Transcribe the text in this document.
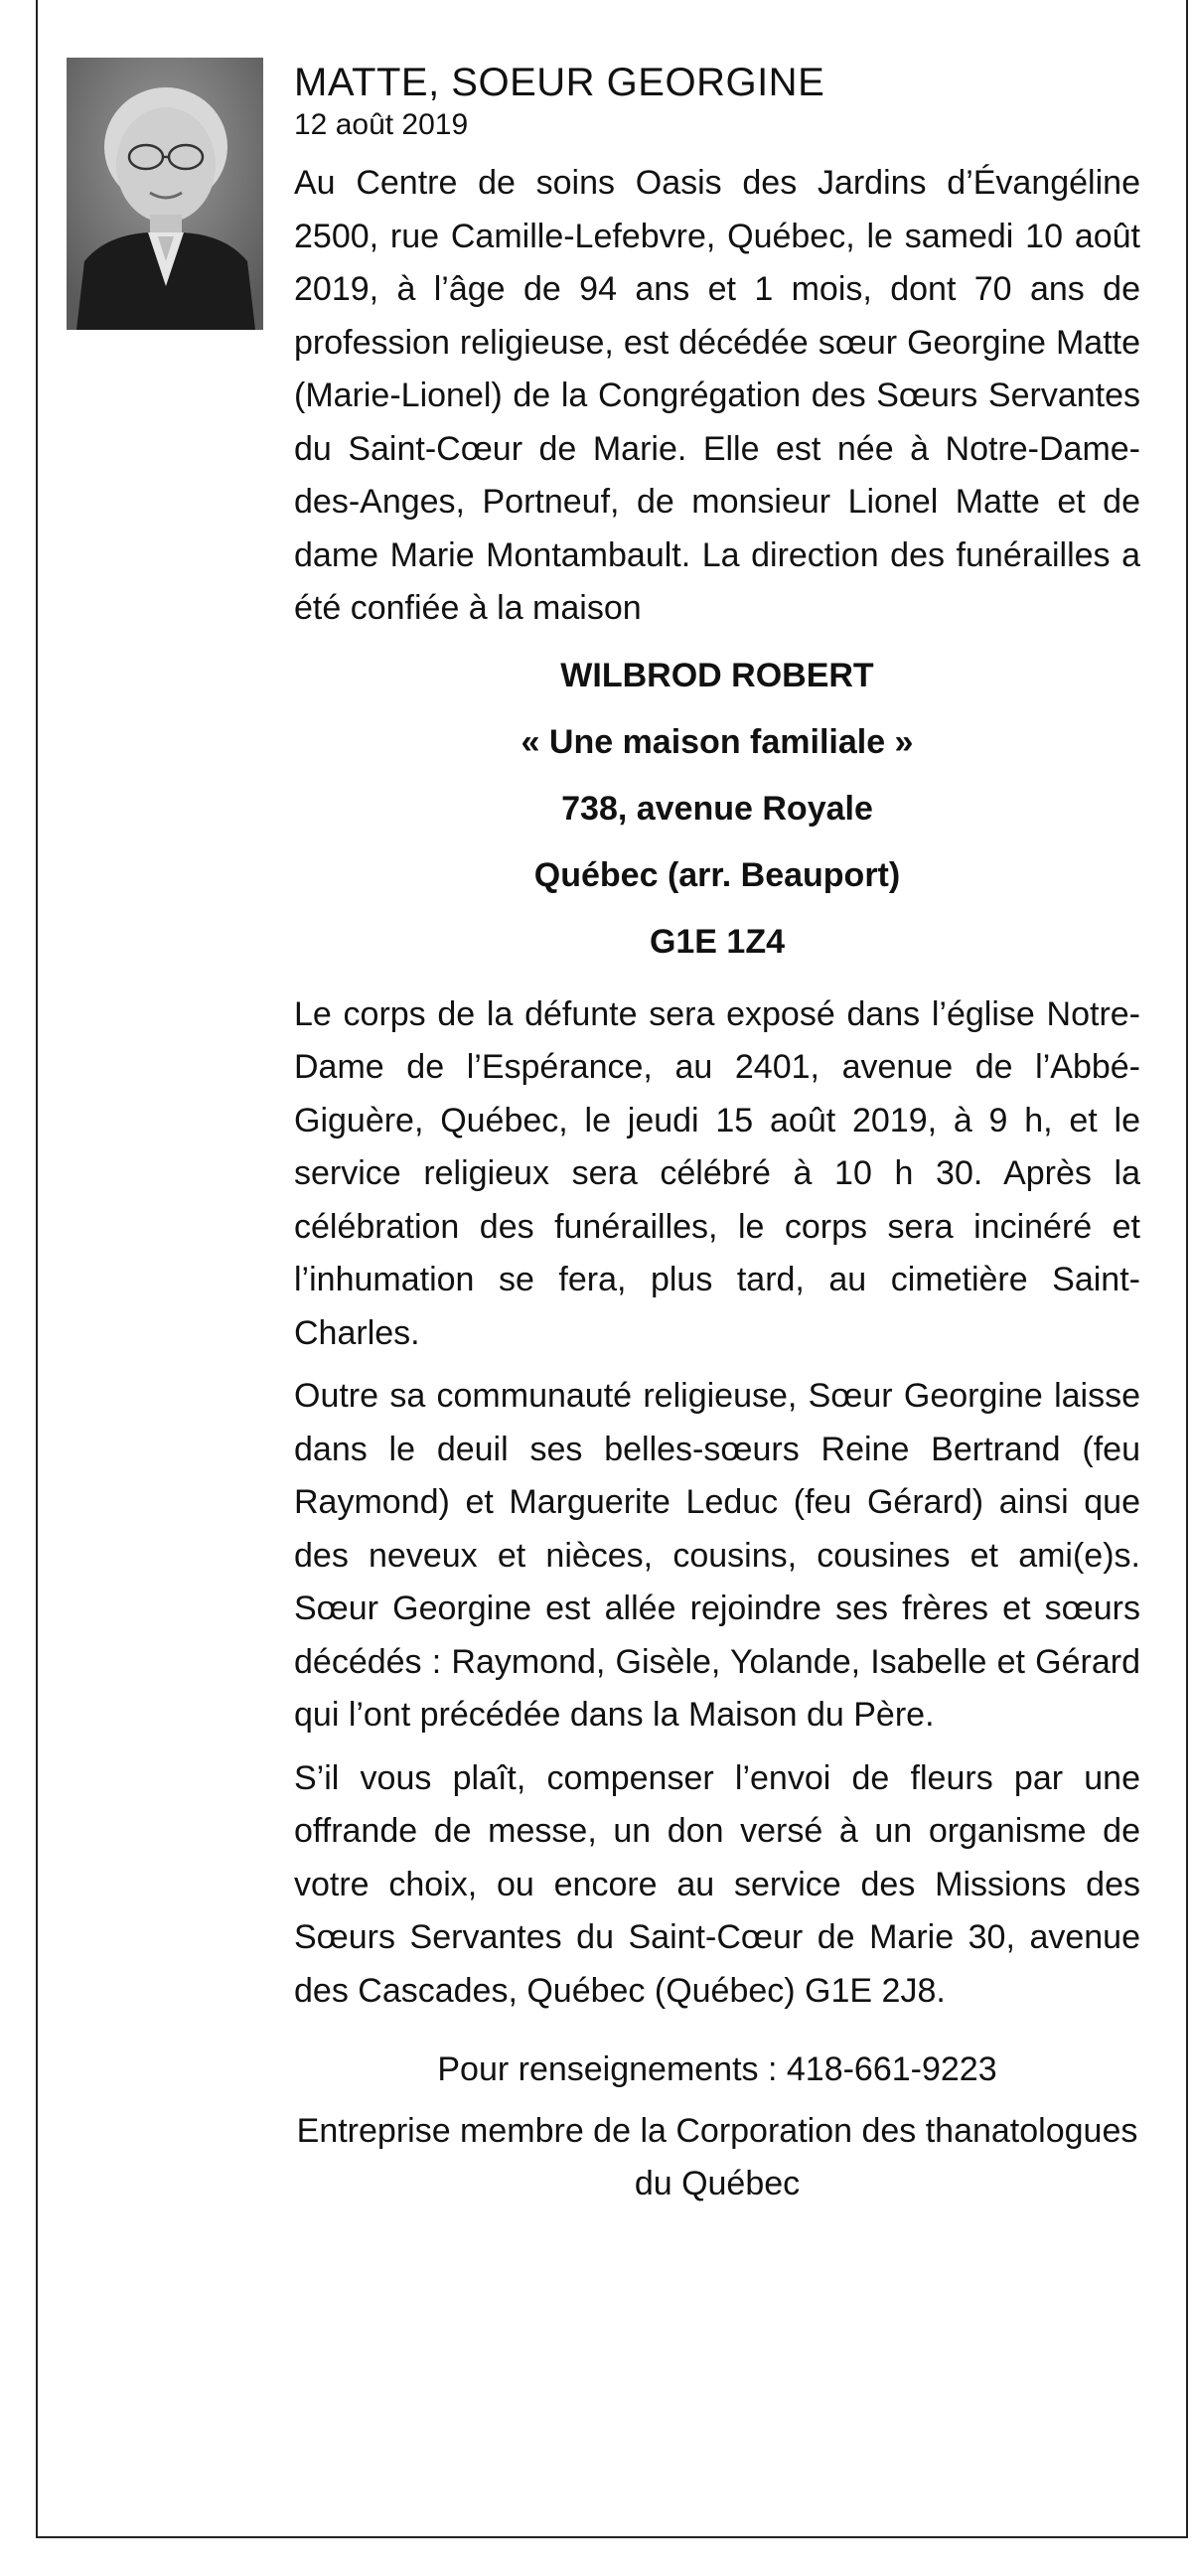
MATTE, SOEUR GEORGINE
12 août 2019

Au Centre de soins Oasis des Jardins d’Évangéline 2500, rue Camille-Lefebvre, Québec, le samedi 10 août 2019, à l’âge de 94 ans et 1 mois, dont 70 ans de profession religieuse, est décédée sœur Georgine Matte (Marie-Lionel) de la Congrégation des Sœurs Servantes du Saint-Cœur de Marie. Elle est née à Notre-Dame-des-Anges, Portneuf, de monsieur Lionel Matte et de dame Marie Montambault. La direction des funérailles a été confiée à la maison

WILBROD ROBERT
« Une maison familiale »
738, avenue Royale
Québec (arr. Beauport)
G1E 1Z4

Le corps de la défunte sera exposé dans l’église Notre-Dame de l’Espérance, au 2401, avenue de l’Abbé-Giguère, Québec, le jeudi 15 août 2019, à 9 h, et le service religieux sera célébré à 10 h 30. Après la célébration des funérailles, le corps sera incinéré et l’inhumation se fera, plus tard, au cimetière Saint-Charles.

Outre sa communauté religieuse, Sœur Georgine laisse dans le deuil ses belles-sœurs Reine Bertrand (feu Raymond) et Marguerite Leduc (feu Gérard) ainsi que des neveux et nièces, cousins, cousines et ami(e)s. Sœur Georgine est allée rejoindre ses frères et sœurs décédés : Raymond, Gisèle, Yolande, Isabelle et Gérard qui l’ont précédée dans la Maison du Père.

S’il vous plaît, compenser l’envoi de fleurs par une offrande de messe, un don versé à un organisme de votre choix, ou encore au service des Missions des Sœurs Servantes du Saint-Cœur de Marie 30, avenue des Cascades, Québec (Québec) G1E 2J8.

Pour renseignements : 418-661-9223
Entreprise membre de la Corporation des thanatologues du Québec
